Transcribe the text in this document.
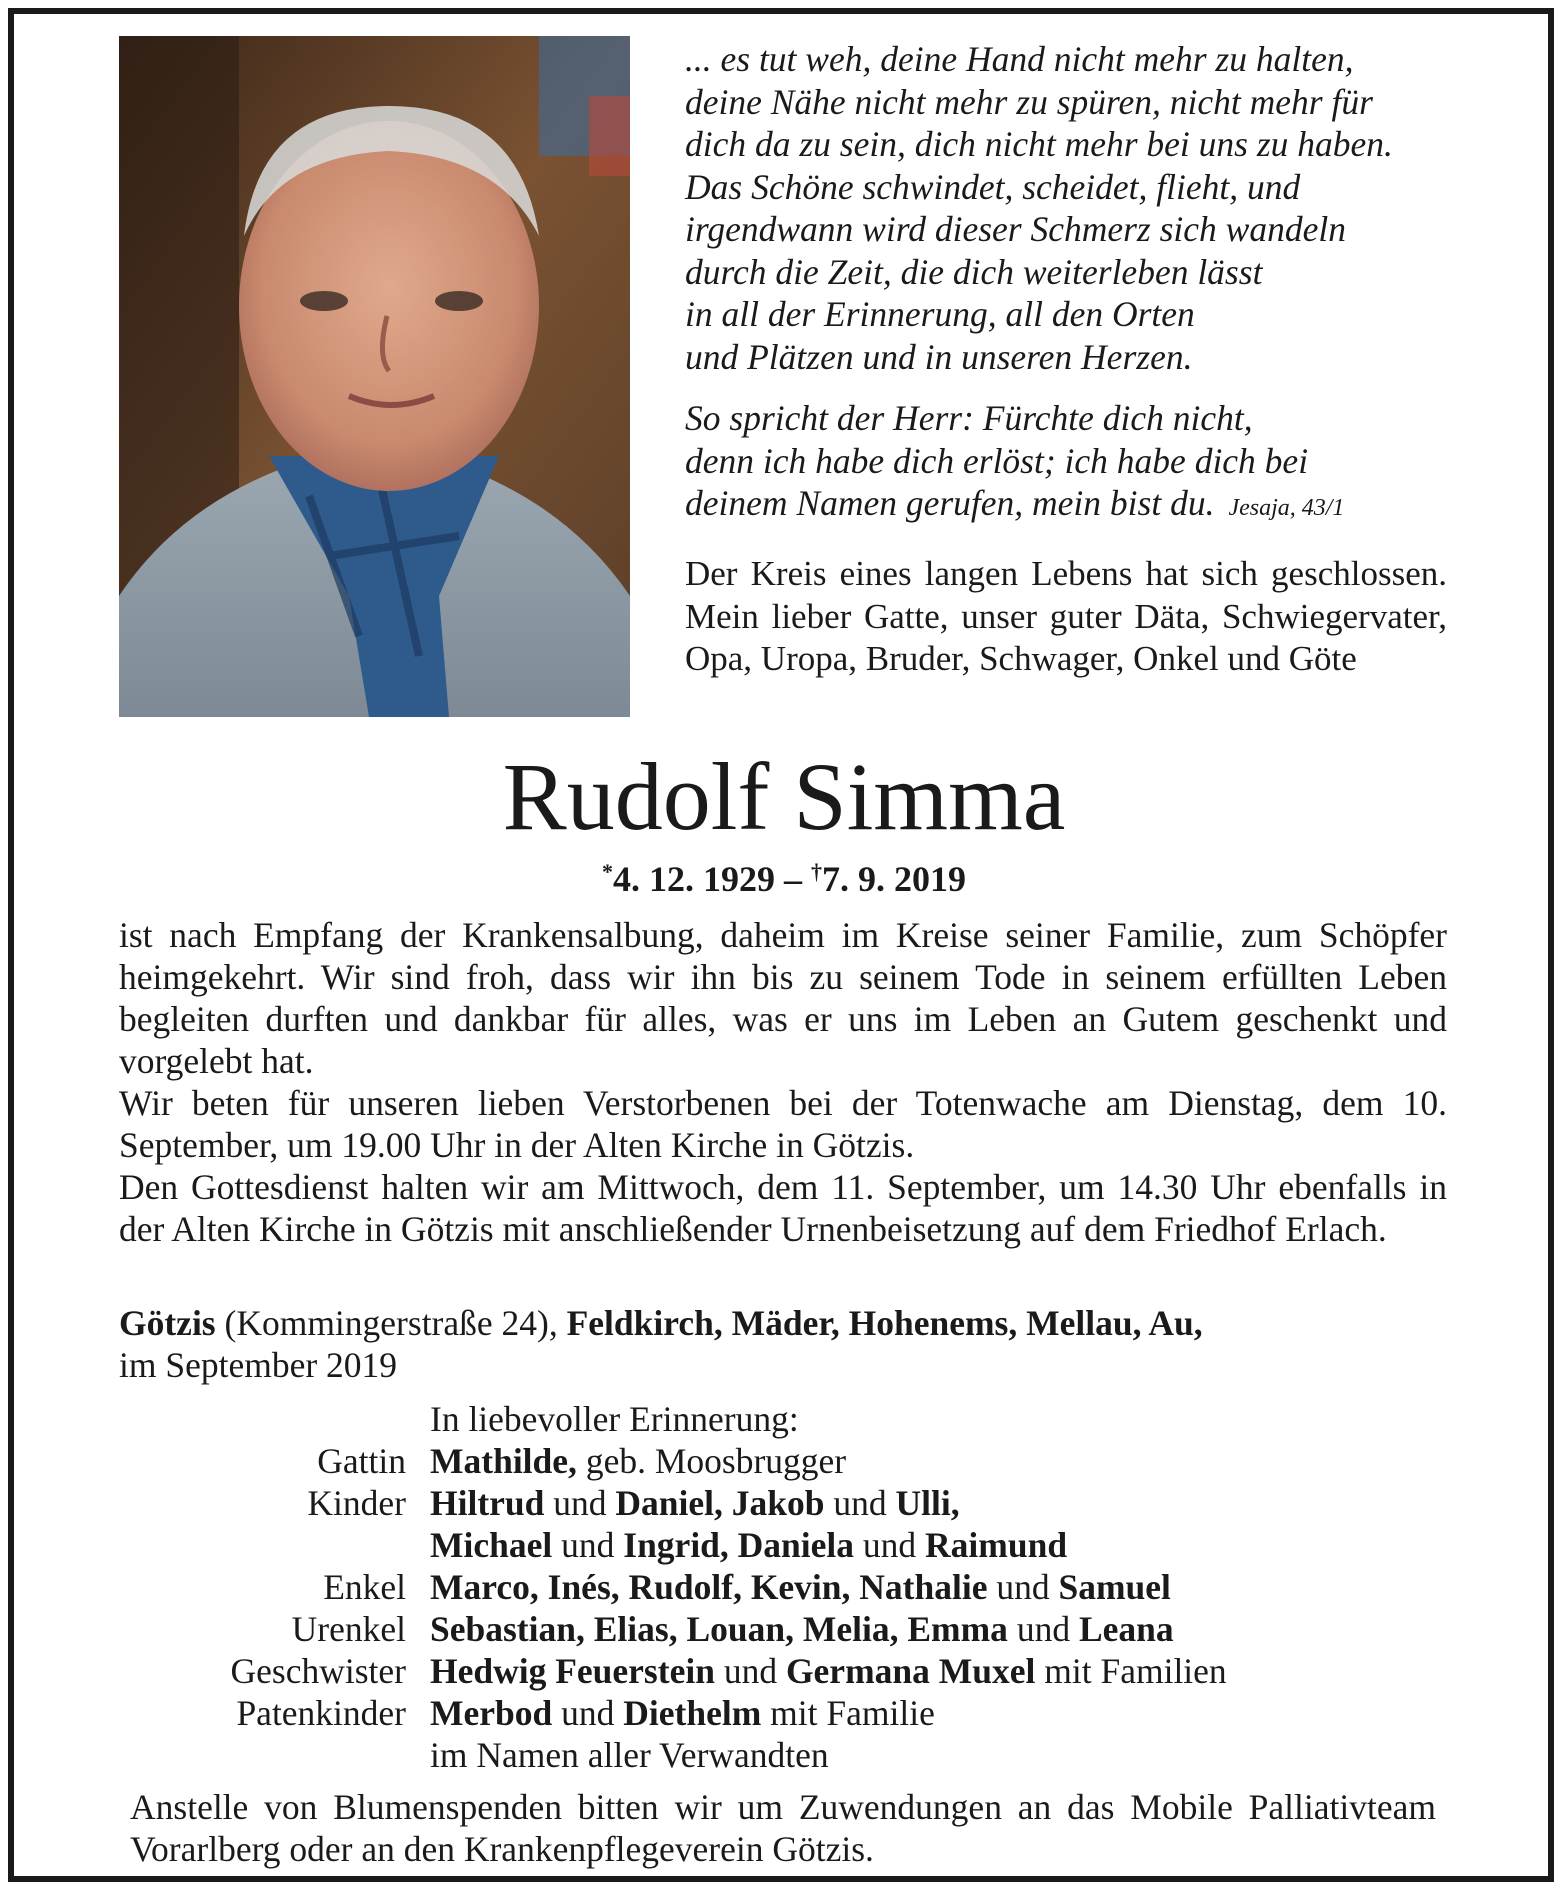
... es tut weh, deine Hand nicht mehr zu halten,
deine Nähe nicht mehr zu spüren, nicht mehr für
dich da zu sein, dich nicht mehr bei uns zu haben.
Das Schöne schwindet, scheidet, flieht, und
irgendwann wird dieser Schmerz sich wandeln
durch die Zeit, die dich weiterleben lässt
in all der Erinnerung, all den Orten
und Plätzen und in unseren Herzen.
So spricht der Herr: Fürchte dich nicht,
denn ich habe dich erlöst; ich habe dich bei
deinem Namen gerufen, mein bist du. Jesaja, 43/1
Der Kreis eines langen Lebens hat sich geschlossen. Mein lieber Gatte, unser guter Däta, Schwiegervater, Opa, Uropa, Bruder, Schwager, Onkel und Göte
Rudolf Simma
*4. 12. 1929 – †7. 9. 2019

ist nach Empfang der Krankensalbung, daheim im Kreise seiner Familie, zum Schöpfer heimgekehrt. Wir sind froh, dass wir ihn bis zu seinem Tode in seinem erfüllten Leben begleiten durften und dankbar für alles, was er uns im Leben an Gutem geschenkt und vorgelebt hat.

Wir beten für unseren lieben Verstorbenen bei der Totenwache am Dienstag, dem 10. September, um 19.00 Uhr in der Alten Kirche in Götzis.

Den Gottesdienst halten wir am Mittwoch, dem 11. September, um 14.30 Uhr ebenfalls in der Alten Kirche in Götzis mit anschließender Urnenbeisetzung auf dem Friedhof Erlach.

Götzis (Kommingerstraße 24), Feldkirch, Mäder, Hohenems, Mellau, Au,
im September 2019
In liebevoller Erinnerung:
Gattin Mathilde, geb. Moosbrugger
Kinder Hiltrud und Daniel, Jakob und Ulli,
Michael und Ingrid, Daniela und Raimund
Enkel Marco, Inés, Rudolf, Kevin, Nathalie und Samuel
Urenkel Sebastian, Elias, Louan, Melia, Emma und Leana
Geschwister Hedwig Feuerstein und Germana Muxel mit Familien
Patenkinder Merbod und Diethelm mit Familie
im Namen aller Verwandten
Anstelle von Blumenspenden bitten wir um Zuwendungen an das Mobile Palliativteam Vorarlberg oder an den Krankenpflegeverein Götzis.
